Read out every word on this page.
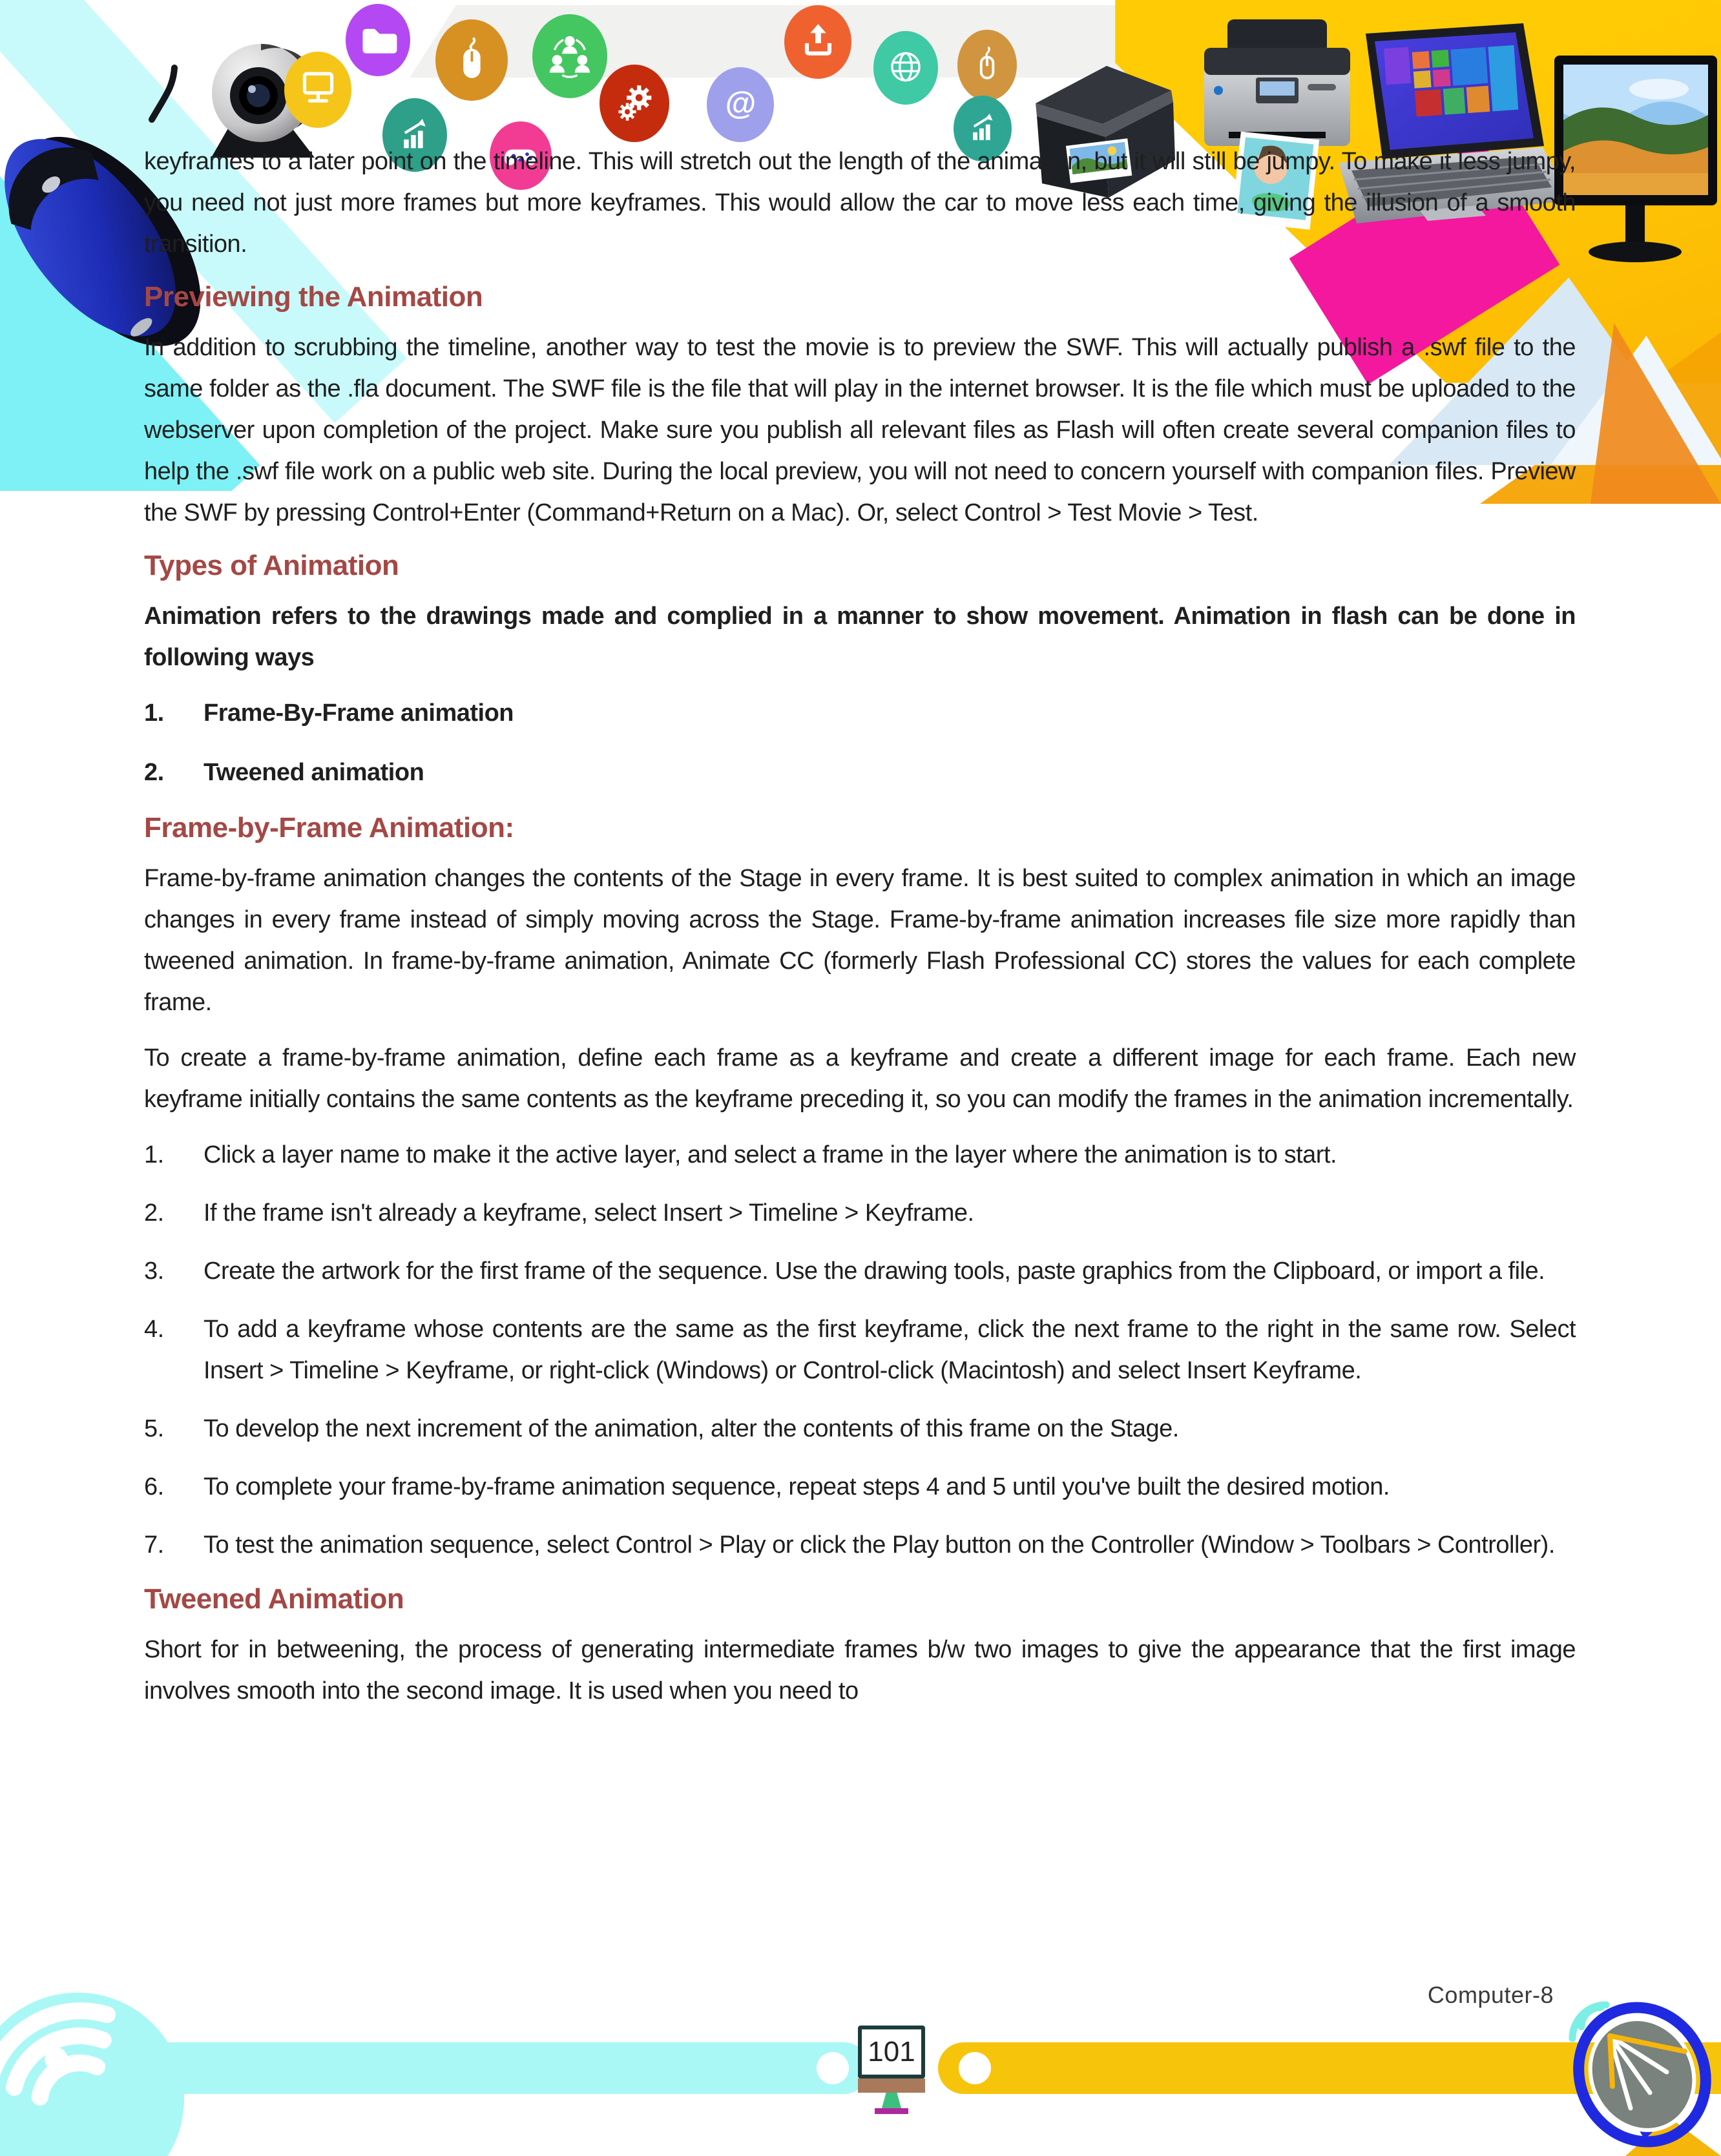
@

keyframes to a later point on the timeline. This will stretch out the length of the animation, but it will still be jumpy. To make it less jumpy, you need not just more frames but more keyframes. This would allow the car to move less each time, giving the illusion of a smooth transition.

Previewing the Animation

In addition to scrubbing the timeline, another way to test the movie is to preview the SWF. This will actually publish a .swf file to the same folder as the .fla document. The SWF file is the file that will play in the internet browser. It is the file which must be uploaded to the webserver upon completion of the project. Make sure you publish all relevant files as Flash will often create several companion files to help the .swf file work on a public web site. During the local preview, you will not need to concern yourself with companion files. Preview the SWF by pressing Control+Enter (Command+Return on a Mac). Or, select Control > Test Movie > Test.

Types of Animation

Animation refers to the drawings made and complied in a manner to show movement. Animation in flash can be done in following ways

1.	Frame-By-Frame animation
2.	Tweened animation
Frame-by-Frame Animation:

Frame-by-frame animation changes the contents of the Stage in every frame. It is best suited to complex animation in which an image changes in every frame instead of simply moving across the Stage. Frame-by-frame animation increases file size more rapidly than tweened animation. In frame-by-frame animation, Animate CC (formerly Flash Professional CC) stores the values for each complete frame.

To create a frame-by-frame animation, define each frame as a keyframe and create a different image for each frame. Each new keyframe initially contains the same contents as the keyframe preceding it, so you can modify the frames in the animation incrementally.

1. Click a layer name to make it the active layer, and select a frame in the layer where the animation is to start.
2. If the frame isn't already a keyframe, select Insert > Timeline > Keyframe.
3. Create the artwork for the first frame of the sequence. Use the drawing tools, paste graphics from the Clipboard, or import a file.
4. To add a keyframe whose contents are the same as the first keyframe, click the next frame to the right in the same row. Select Insert > Timeline > Keyframe, or right-click (Windows) or Control-click (Macintosh) and select Insert Keyframe.
5. To develop the next increment of the animation, alter the contents of this frame on the Stage.
6. To complete your frame-by-frame animation sequence, repeat steps 4 and 5 until you've built the desired motion.
7. To test the animation sequence, select Control > Play or click the Play button on the Controller (Window > Toolbars > Controller).
Tweened Animation

Short for in betweening, the process of generating intermediate frames b/w two images to give the appearance that the first image involves smooth into the second image. It is used when you need to

101
Computer-8
